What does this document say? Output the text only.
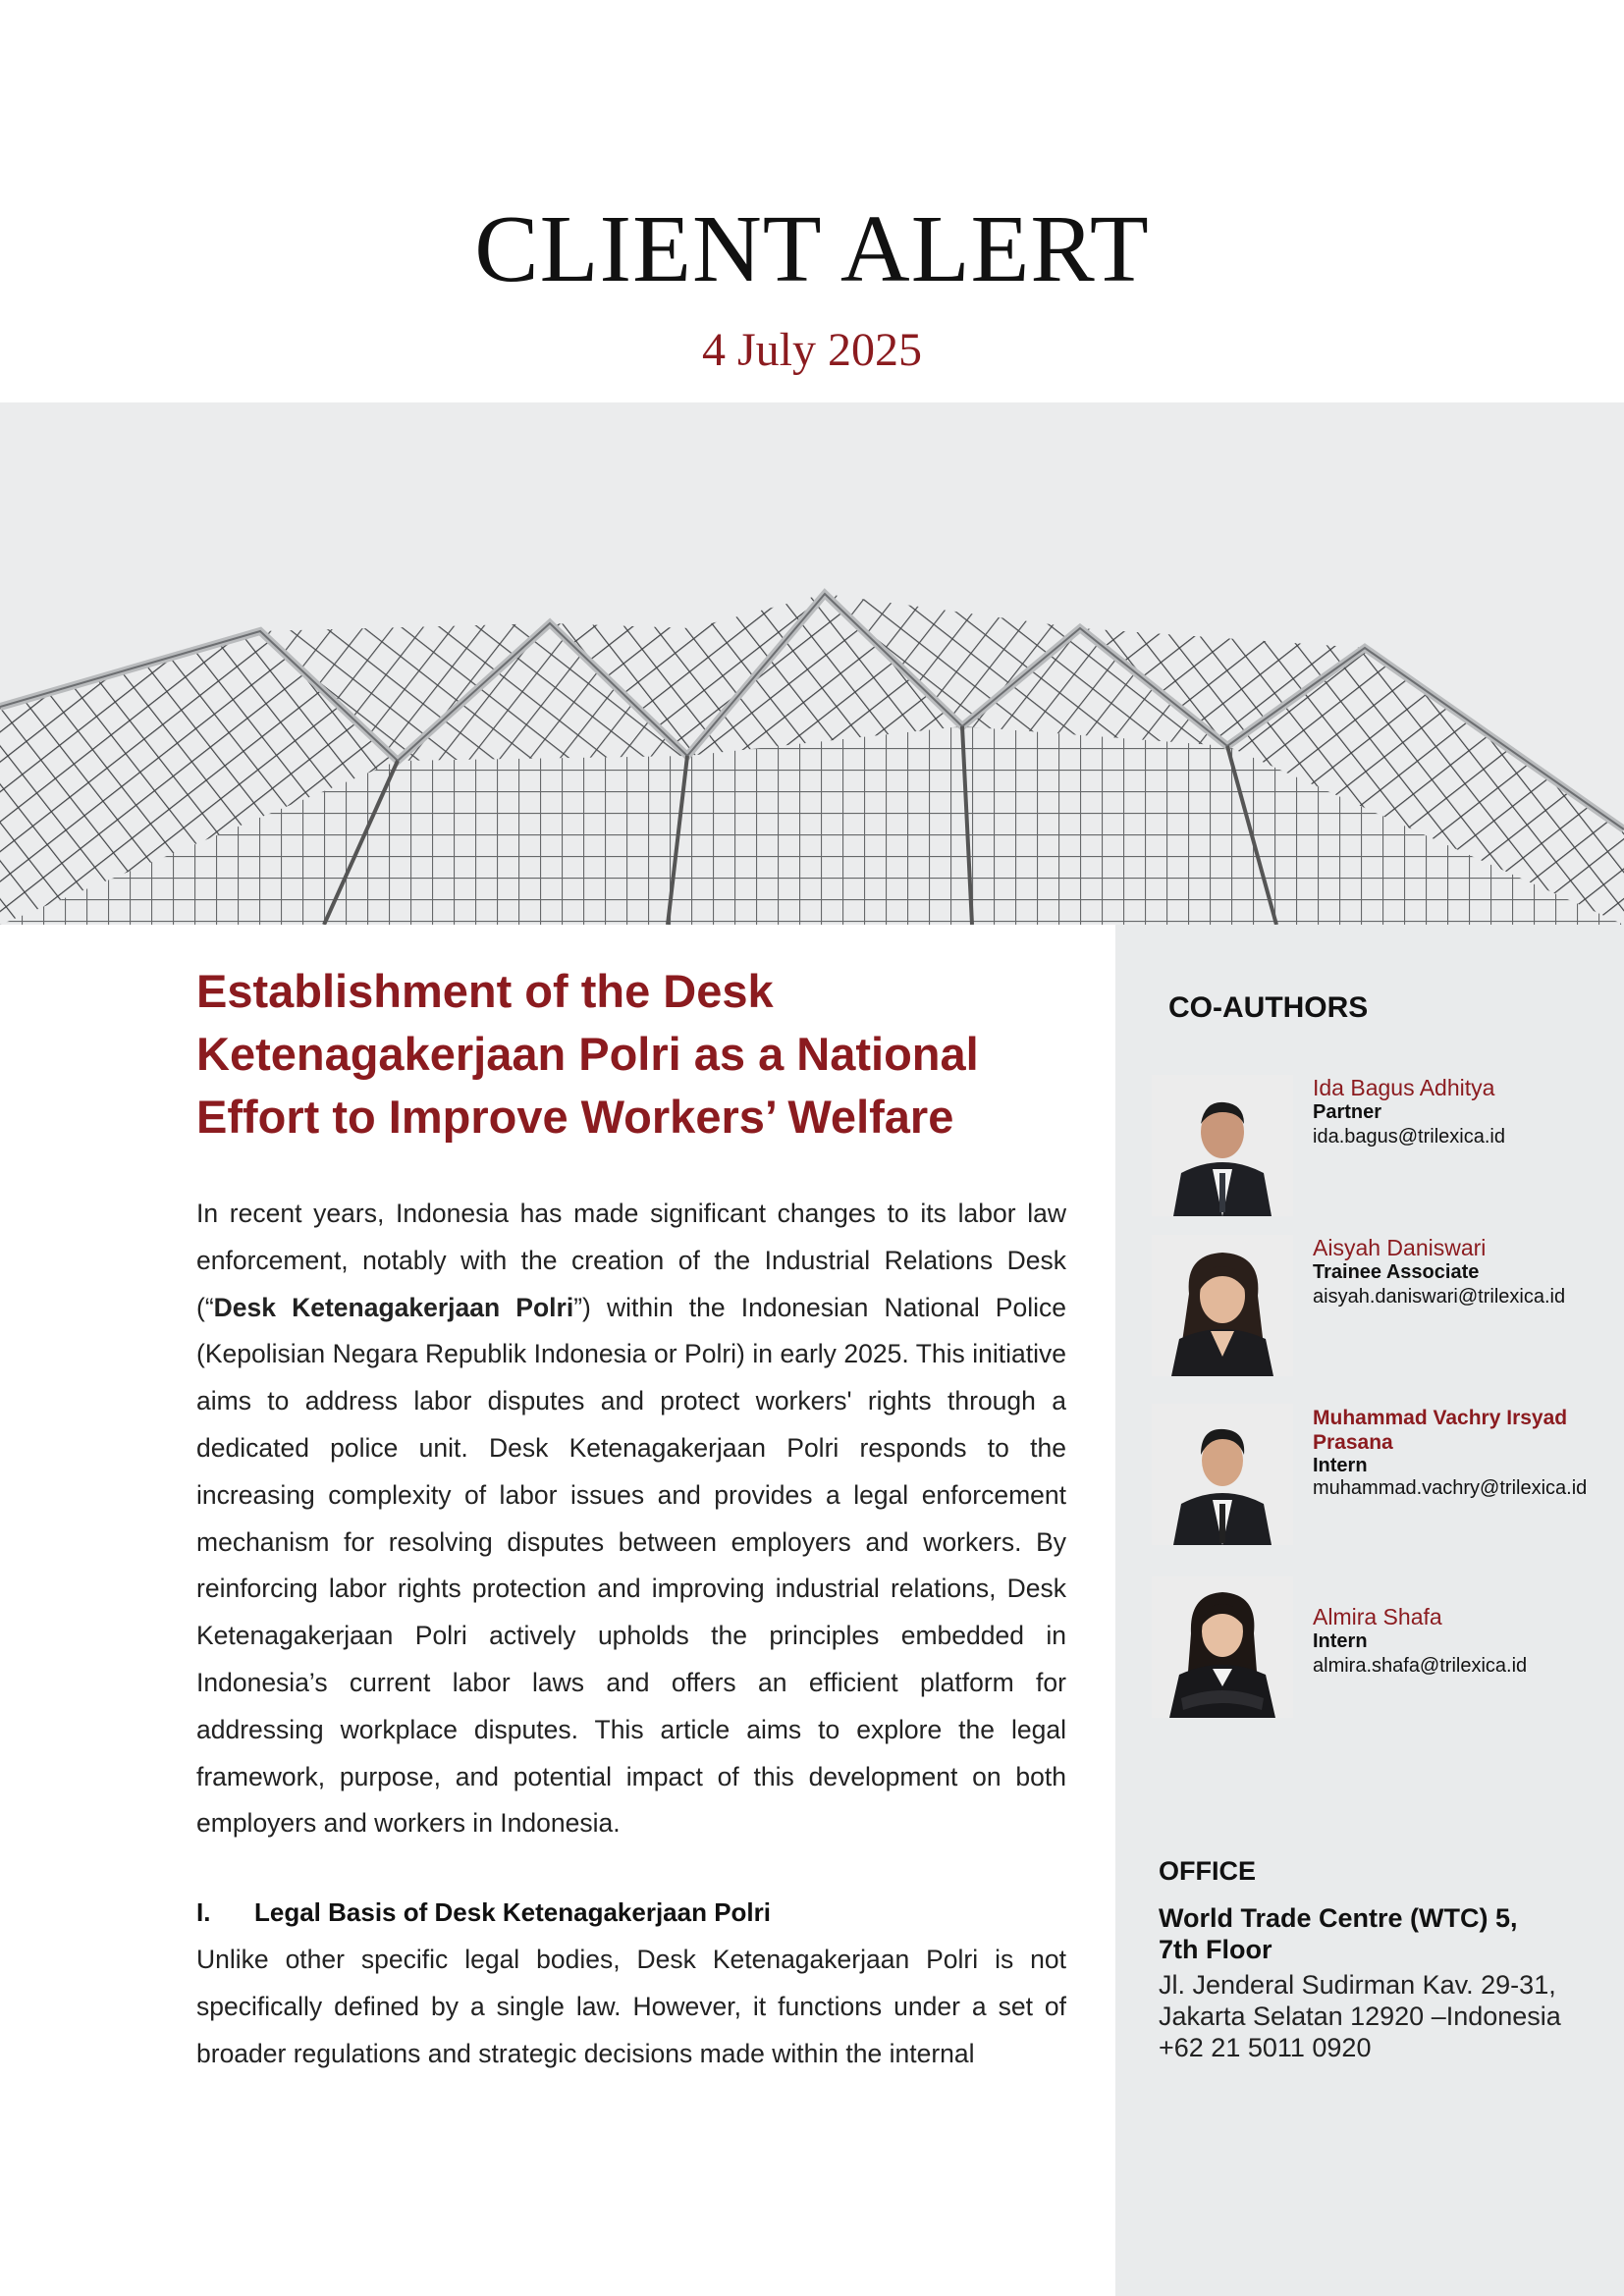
CLIENT ALERT
4 July 2025
Establishment of the Desk
Ketenagakerjaan Polri as a National
Effort to Improve Workers’ Welfare

In recent years, Indonesia has made significant changes to its labor law enforcement, notably with the creation of the Industrial Relations Desk (“Desk Ketenagakerjaan Polri”) within the Indonesian National Police (Kepolisian Negara Republik Indonesia or Polri) in early 2025. This initiative aims to address labor disputes and protect workers' rights through a dedicated police unit. Desk Ketenagakerjaan Polri responds to the increasing complexity of labor issues and provides a legal enforcement mechanism for resolving disputes between employers and workers. By reinforcing labor rights protection and improving industrial relations, Desk Ketenagakerjaan Polri actively upholds the principles embedded in Indonesia’s current labor laws and offers an efficient platform for addressing workplace disputes. This article aims to explore the legal framework, purpose, and potential impact of this development on both employers and workers in Indonesia.

I. Legal Basis of Desk Ketenagakerjaan Polri

Unlike other specific legal bodies, Desk Ketenagakerjaan Polri is not
specifically defined by a single law. However, it functions under a set of
broader regulations and strategic decisions made within the internal

CO-AUTHORS
Ida Bagus Adhitya
Partner
ida.bagus@trilexica.id
Aisyah Daniswari
Trainee Associate
aisyah.daniswari@trilexica.id
Muhammad Vachry Irsyad
Prasana
Intern
muhammad.vachry@trilexica.id
Almira Shafa
Intern
almira.shafa@trilexica.id
OFFICE
World Trade Centre (WTC) 5,
7th Floor
Jl. Jenderal Sudirman Kav. 29-31,
Jakarta Selatan 12920 –Indonesia
+62 21 5011 0920
